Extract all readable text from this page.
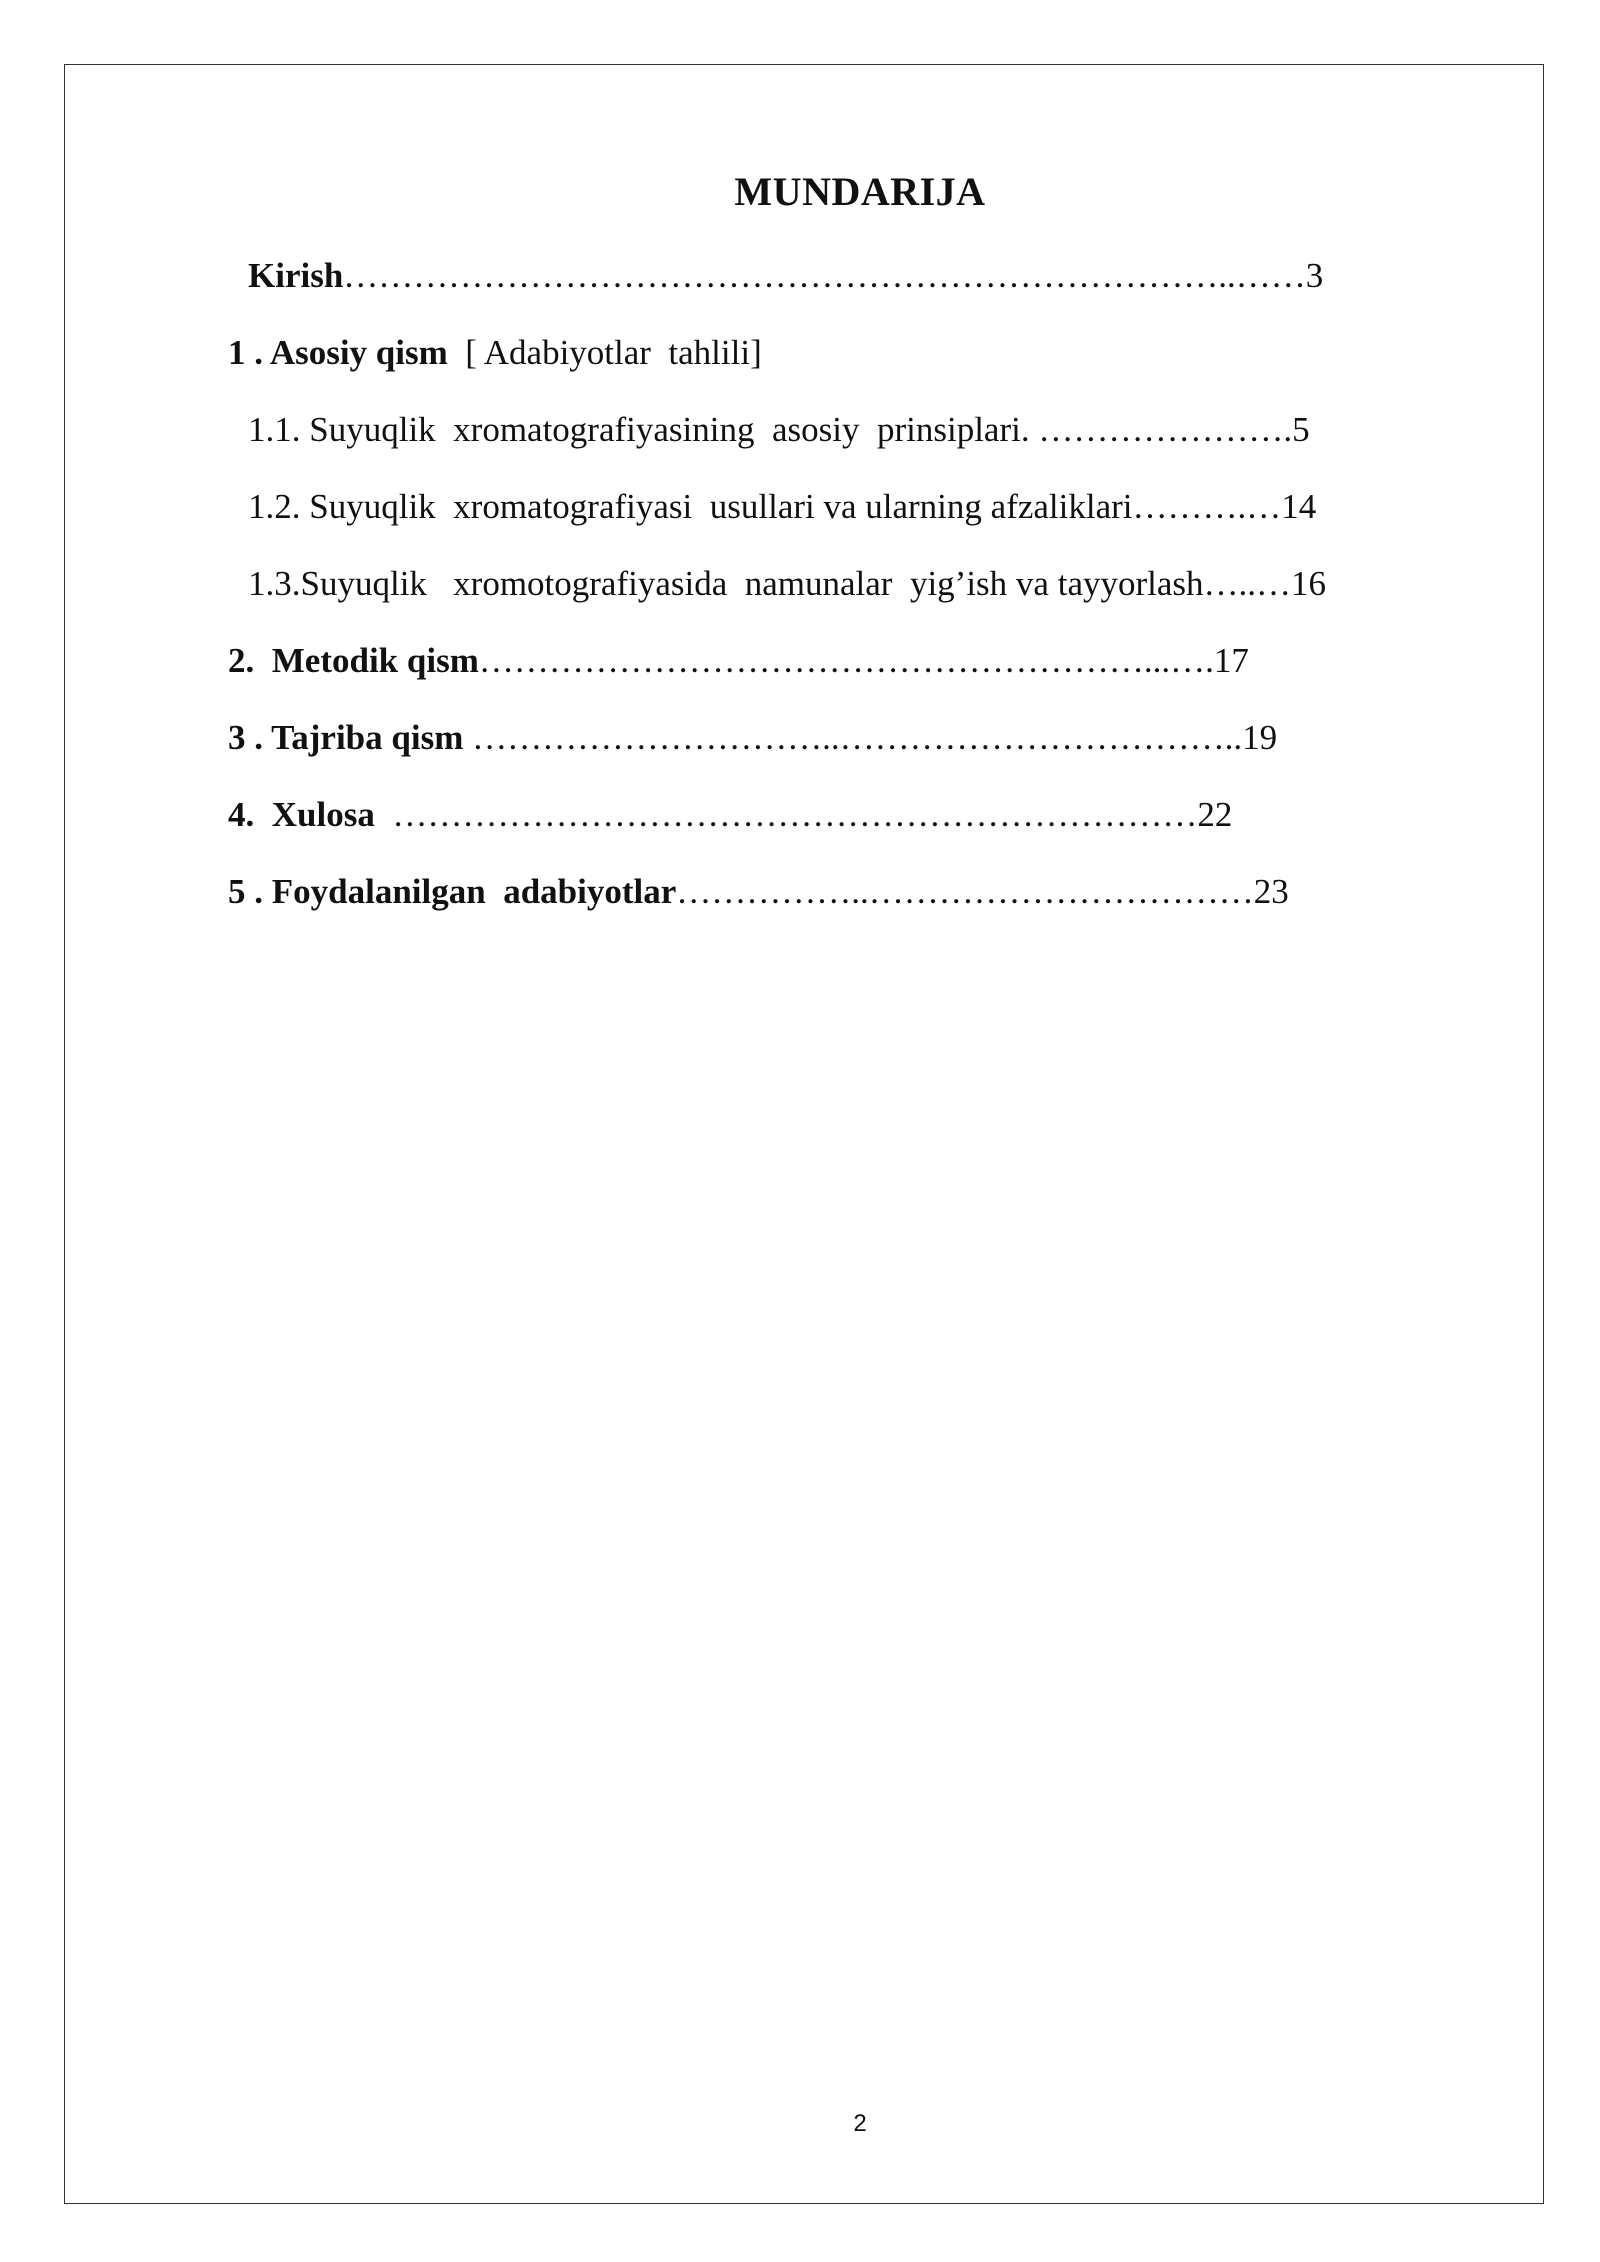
MUNDARIJA
Kirish…………………………………………………………………..……3
1 . Asosiy qism  [ Adabiyotlar  tahlili]
1.1. Suyuqlik  xromatografiyasining  asosiy  prinsiplari. ………………….5
1.2. Suyuqlik  xromatografiyasi  usullari va ularning afzaliklari……….…14
1.3.Suyuqlik   xromotografiyasida  namunalar  yig’ish va tayyorlash…..…16
2.  Metodik qism…………………………………………………...….17
3 . Tajriba qism …………………………..……………………………..19
4.  Xulosa  ……………………………………………………………22
5 . Foydalanilgan  adabiyotlar……………..……………………………23
2
